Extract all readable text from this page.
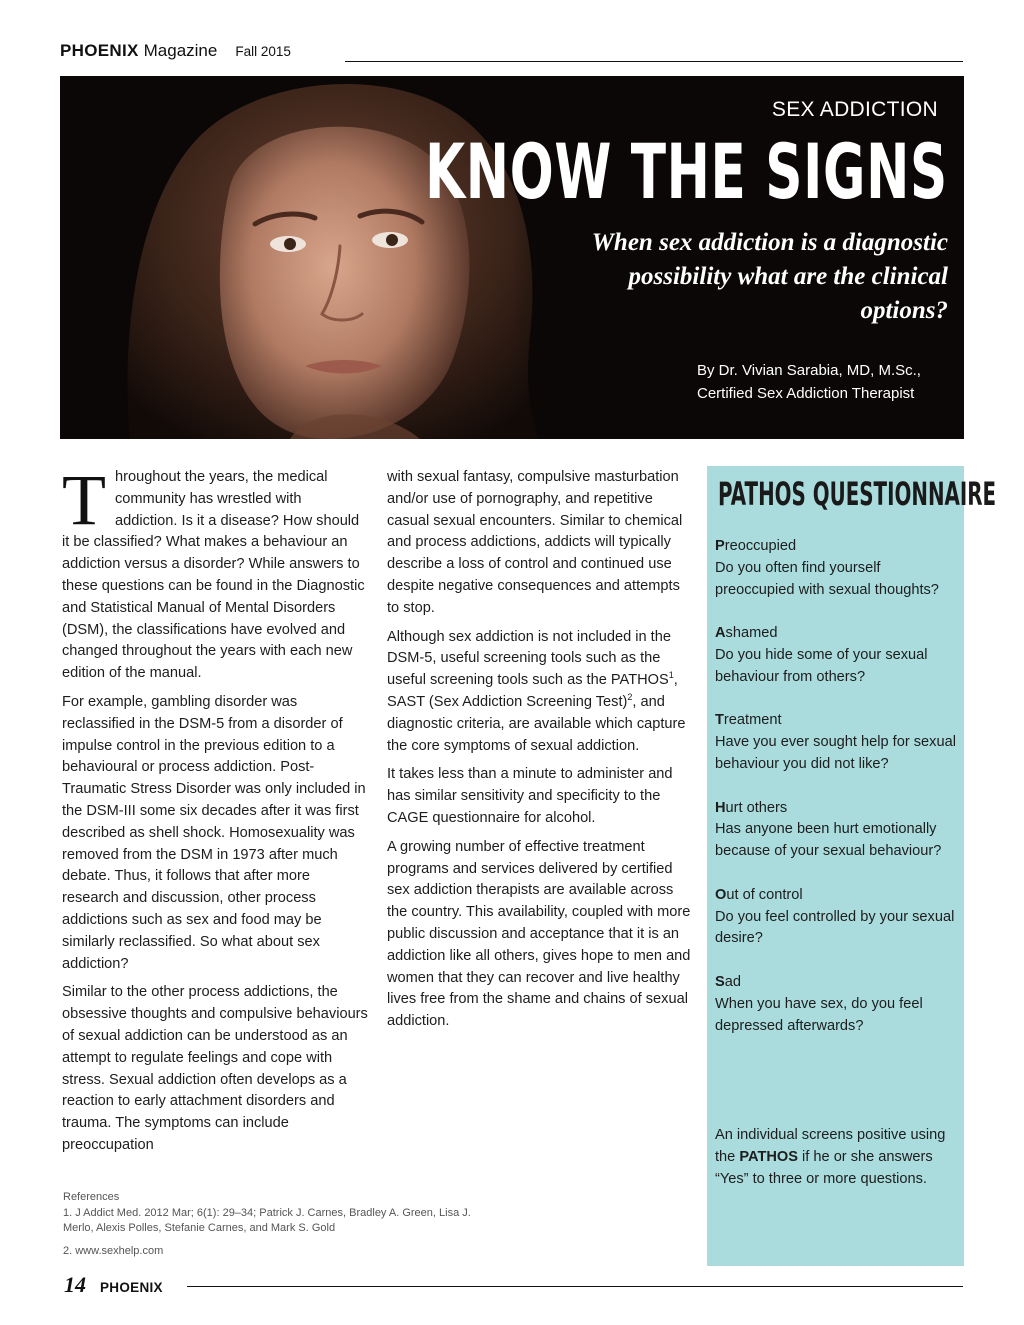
PHOENIX Magazine Fall 2015
SEX ADDICTION
KNOW THE SIGNS
When sex addiction is a diagnostic possibility what are the clinical options?
By Dr. Vivian Sarabia, MD, M.Sc.,
Certified Sex Addiction Therapist

Throughout the years, the medical community has wrestled with addiction. Is it a disease? How should it be classified? What makes a behaviour an addiction versus a disorder? While answers to these questions can be found in the Diagnostic and Statistical Manual of Mental Disorders (DSM), the classifications have evolved and changed throughout the years with each new edition of the manual.

For example, gambling disorder was reclassified in the DSM-5 from a disorder of impulse control in the previous edition to a behavioural or process addiction. Post-Traumatic Stress Disorder was only included in the DSM-III some six decades after it was first described as shell shock. Homosexuality was removed from the DSM in 1973 after much debate. Thus, it follows that after more research and discussion, other process addictions such as sex and food may be similarly reclassified. So what about sex addiction?

Similar to the other process addictions, the obsessive thoughts and compulsive behaviours of sexual addiction can be understood as an attempt to regulate feelings and cope with stress. Sexual addiction often develops as a reaction to early attachment disorders and trauma. The symptoms can include preoccupation

with sexual fantasy, compulsive masturbation and/or use of pornography, and repetitive casual sexual encounters. Similar to chemical and process addictions, addicts will typically describe a loss of control and continued use despite negative consequences and attempts to stop.

Although sex addiction is not included in the DSM-5, useful screening tools such as the useful screening tools such as the PATHOS$^1$, SAST (Sex Addiction Screening Test)$^2$, and diagnostic criteria, are available which capture the core symptoms of sexual addiction.

It takes less than a minute to administer and has similar sensitivity and specificity to the CAGE questionnaire for alcohol.

A growing number of effective treatment programs and services delivered by certified sex addiction therapists are available across the country. This availability, coupled with more public discussion and acceptance that it is an addiction like all others, gives hope to men and women that they can recover and live healthy lives free from the shame and chains of sexual addiction.

PATHOS QUESTIONNAIRE
Preoccupied
Do you often find yourself preoccupied with sexual thoughts?
Ashamed
Do you hide some of your sexual behaviour from others?
Treatment
Have you ever sought help for sexual behaviour you did not like?
Hurt others
Has anyone been hurt emotionally because of your sexual behaviour?
Out of control
Do you feel controlled by your sexual desire?
Sad
When you have sex, do you feel depressed afterwards?
An individual screens positive using the PATHOS if he or she answers “Yes” to three or more questions.
References

1. J Addict Med. 2012 Mar; 6(1): 29–34; Patrick J. Carnes, Bradley A. Green, Lisa J. Merlo, Alexis Polles, Stefanie Carnes, and Mark S. Gold

2. www.sexhelp.com

14 PHOENIX
